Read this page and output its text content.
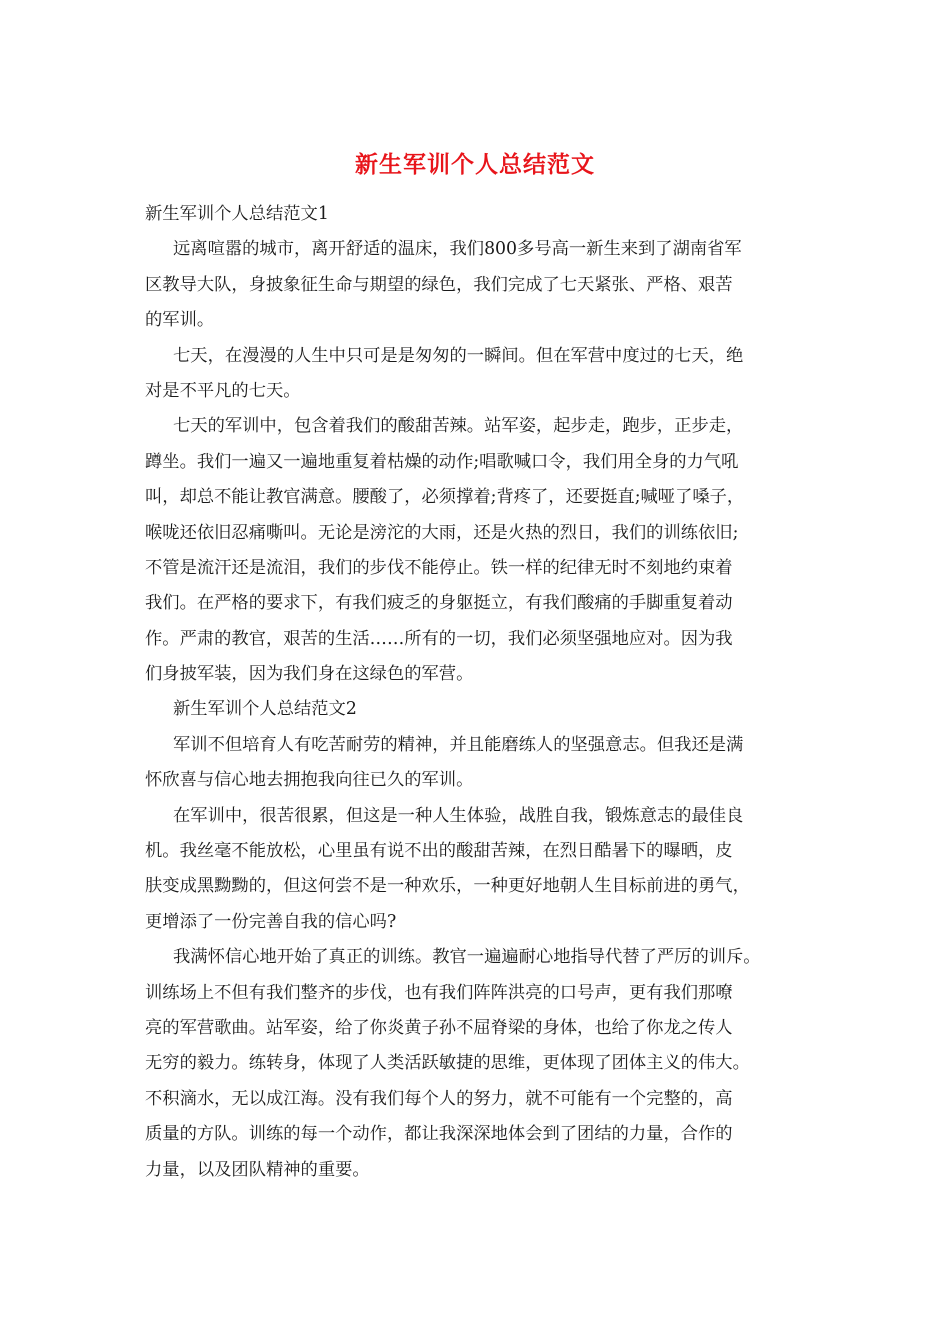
新生军训个人总结范文
新生军训个人总结范文1
远离喧嚣的城市，离开舒适的温床，我们800多号高一新生来到了湖南省军
区教导大队，身披象征生命与期望的绿色，我们完成了七天紧张、严格、艰苦
的军训。
七天，在漫漫的人生中只可是是匆匆的一瞬间。但在军营中度过的七天，绝
对是不平凡的七天。
七天的军训中，包含着我们的酸甜苦辣。站军姿，起步走，跑步，正步走，
蹲坐。我们一遍又一遍地重复着枯燥的动作;唱歌喊口令，我们用全身的力气吼
叫，却总不能让教官满意。腰酸了，必须撑着;背疼了，还要挺直;喊哑了嗓子，
喉咙还依旧忍痛嘶叫。无论是滂沱的大雨，还是火热的烈日，我们的训练依旧;
不管是流汗还是流泪，我们的步伐不能停止。铁一样的纪律无时不刻地约束着
我们。在严格的要求下，有我们疲乏的身躯挺立，有我们酸痛的手脚重复着动
作。严肃的教官，艰苦的生活……所有的一切，我们必须坚强地应对。因为我
们身披军装，因为我们身在这绿色的军营。
新生军训个人总结范文2
军训不但培育人有吃苦耐劳的精神，并且能磨练人的坚强意志。但我还是满
怀欣喜与信心地去拥抱我向往已久的军训。
在军训中，很苦很累，但这是一种人生体验，战胜自我，锻炼意志的最佳良
机。我丝毫不能放松，心里虽有说不出的酸甜苦辣，在烈日酷暑下的曝晒，皮
肤变成黑黝黝的，但这何尝不是一种欢乐，一种更好地朝人生目标前进的勇气，
更增添了一份完善自我的信心吗?
我满怀信心地开始了真正的训练。教官一遍遍耐心地指导代替了严厉的训斥。
训练场上不但有我们整齐的步伐，也有我们阵阵洪亮的口号声，更有我们那嘹
亮的军营歌曲。站军姿，给了你炎黄子孙不屈脊梁的身体，也给了你龙之传人
无穷的毅力。练转身，体现了人类活跃敏捷的思维，更体现了团体主义的伟大。
不积滴水，无以成江海。没有我们每个人的努力，就不可能有一个完整的，高
质量的方队。训练的每一个动作，都让我深深地体会到了团结的力量，合作的
力量，以及团队精神的重要。
